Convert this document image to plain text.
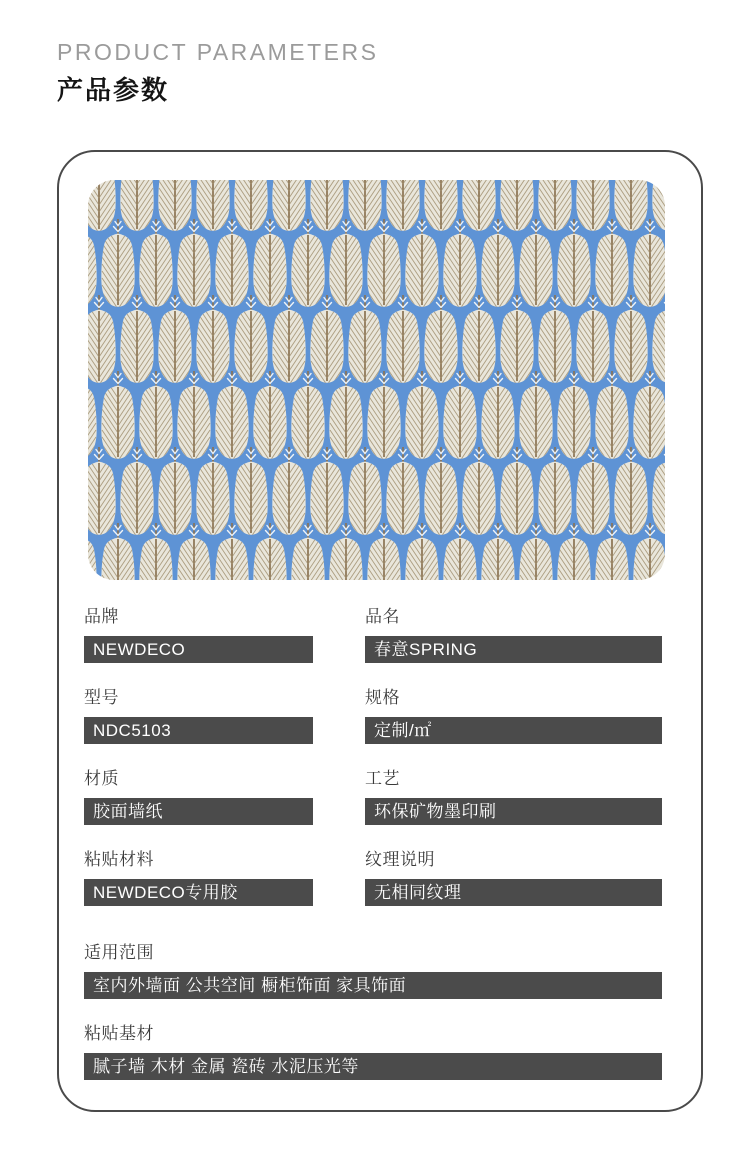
PRODUCT PARAMETERS
产品参数
品牌
NEWDECO
品名
春意SPRING
型号
NDC5103
规格
定制/㎡
材质
胶面墙纸
工艺
环保矿物墨印刷
粘贴材料
NEWDECO专用胶
纹理说明
无相同纹理
适用范围
室内外墙面 公共空间 橱柜饰面 家具饰面
粘贴基材
腻子墙 木材 金属 瓷砖 水泥压光等
